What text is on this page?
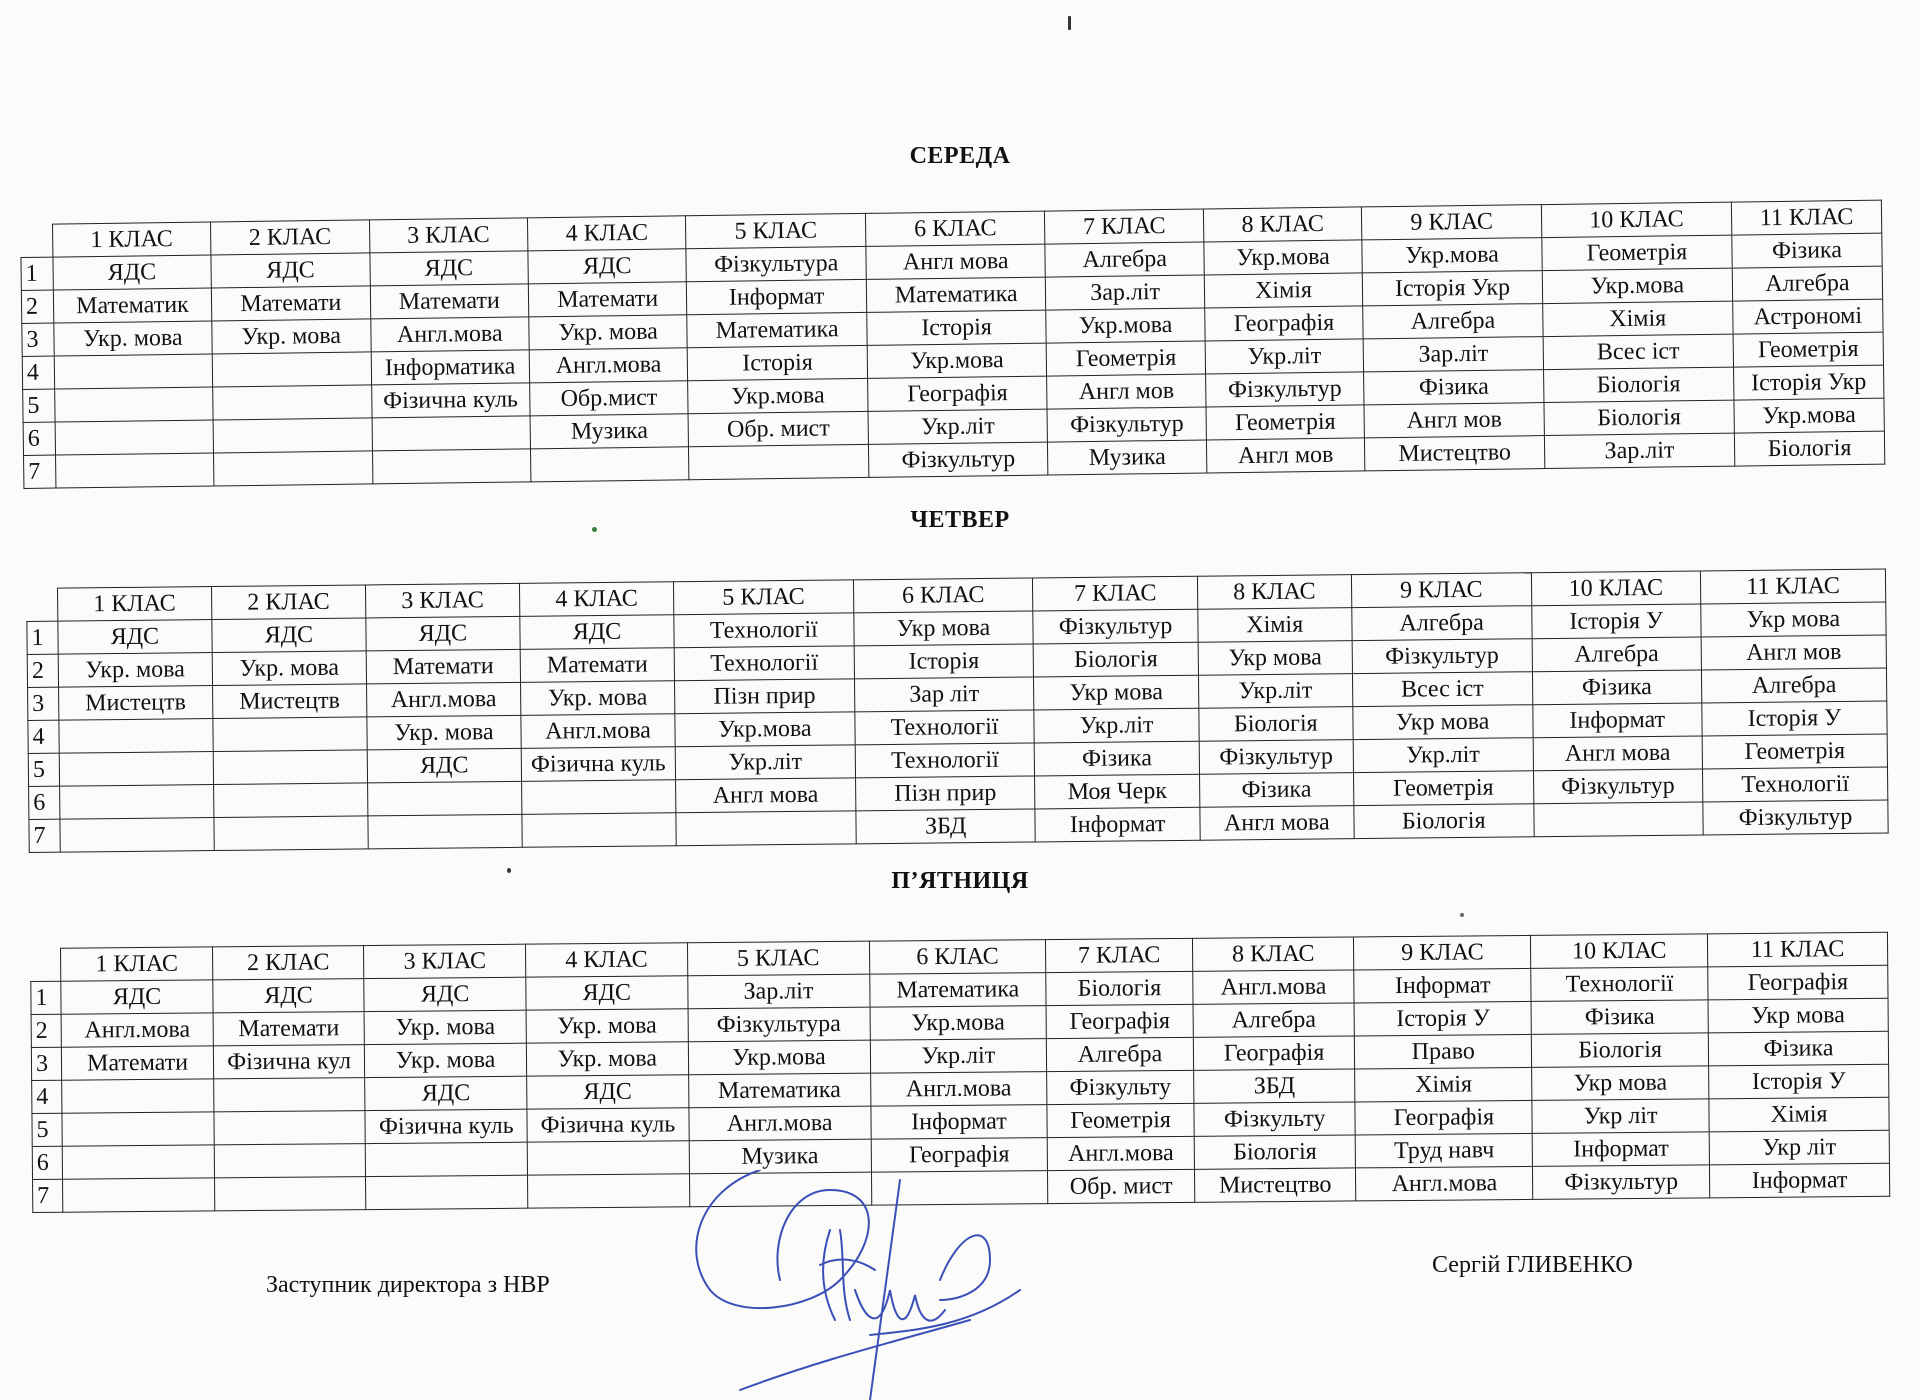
СЕРЕДА
	1 КЛАС	2 КЛАС	3 КЛАС	4 КЛАС	5 КЛАС	6 КЛАС	7 КЛАС	8 КЛАС	9 КЛАС	10 КЛАС	11 КЛАС
1	ЯДС	ЯДС	ЯДС	ЯДС	Фізкультура	Англ мова	Алгебра	Укр.мова	Укр.мова	Геометрія	Фізика
2	Математик	Математи	Математи	Математи	Інформат	Математика	Зар.літ	Хімія	Історія Укр	Укр.мова	Алгебра
3	Укр. мова	Укр. мова	Англ.мова	Укр. мова	Математика	Історія	Укр.мова	Географія	Алгебра	Хімія	Астрономі
4			Інформатика	Англ.мова	Історія	Укр.мова	Геометрія	Укр.літ	Зар.літ	Всес іст	Геометрія
5			Фізична куль	Обр.мист	Укр.мова	Географія	Англ мов	Фізкультур	Фізика	Біологія	Історія Укр
6				Музика	Обр. мист	Укр.літ	Фізкультур	Геометрія	Англ мов	Біологія	Укр.мова
7						Фізкультур	Музика	Англ мов	Мистецтво	Зар.літ	Біологія
ЧЕТВЕР
	1 КЛАС	2 КЛАС	3 КЛАС	4 КЛАС	5 КЛАС	6 КЛАС	7 КЛАС	8 КЛАС	9 КЛАС	10 КЛАС	11 КЛАС
1	ЯДС	ЯДС	ЯДС	ЯДС	Технології	Укр мова	Фізкультур	Хімія	Алгебра	Історія У	Укр мова
2	Укр. мова	Укр. мова	Математи	Математи	Технології	Історія	Біологія	Укр мова	Фізкультур	Алгебра	Англ мов
3	Мистецтв	Мистецтв	Англ.мова	Укр. мова	Пізн прир	Зар літ	Укр мова	Укр.літ	Всес іст	Фізика	Алгебра
4			Укр. мова	Англ.мова	Укр.мова	Технології	Укр.літ	Біологія	Укр мова	Інформат	Історія У
5			ЯДС	Фізична куль	Укр.літ	Технології	Фізика	Фізкультур	Укр.літ	Англ мова	Геометрія
6					Англ мова	Пізн прир	Моя Черк	Фізика	Геометрія	Фізкультур	Технології
7						ЗБД	Інформат	Англ мова	Біологія		Фізкультур
П’ЯТНИЦЯ
	1 КЛАС	2 КЛАС	3 КЛАС	4 КЛАС	5 КЛАС	6 КЛАС	7 КЛАС	8 КЛАС	9 КЛАС	10 КЛАС	11 КЛАС
1	ЯДС	ЯДС	ЯДС	ЯДС	Зар.літ	Математика	Біологія	Англ.мова	Інформат	Технології	Географія
2	Англ.мова	Математи	Укр. мова	Укр. мова	Фізкультура	Укр.мова	Географія	Алгебра	Історія У	Фізика	Укр мова
3	Математи	Фізична кул	Укр. мова	Укр. мова	Укр.мова	Укр.літ	Алгебра	Географія	Право	Біологія	Фізика
4			ЯДС	ЯДС	Математика	Англ.мова	Фізкульту	ЗБД	Хімія	Укр мова	Історія У
5			Фізична куль	Фізична куль	Англ.мова	Інформат	Геометрія	Фізкульту	Географія	Укр літ	Хімія
6					Музика	Географія	Англ.мова	Біологія	Труд навч	Інформат	Укр літ
7							Обр. мист	Мистецтво	Англ.мова	Фізкультур	Інформат
Заступник директора з НВР
Сергій ГЛИВЕНКО
